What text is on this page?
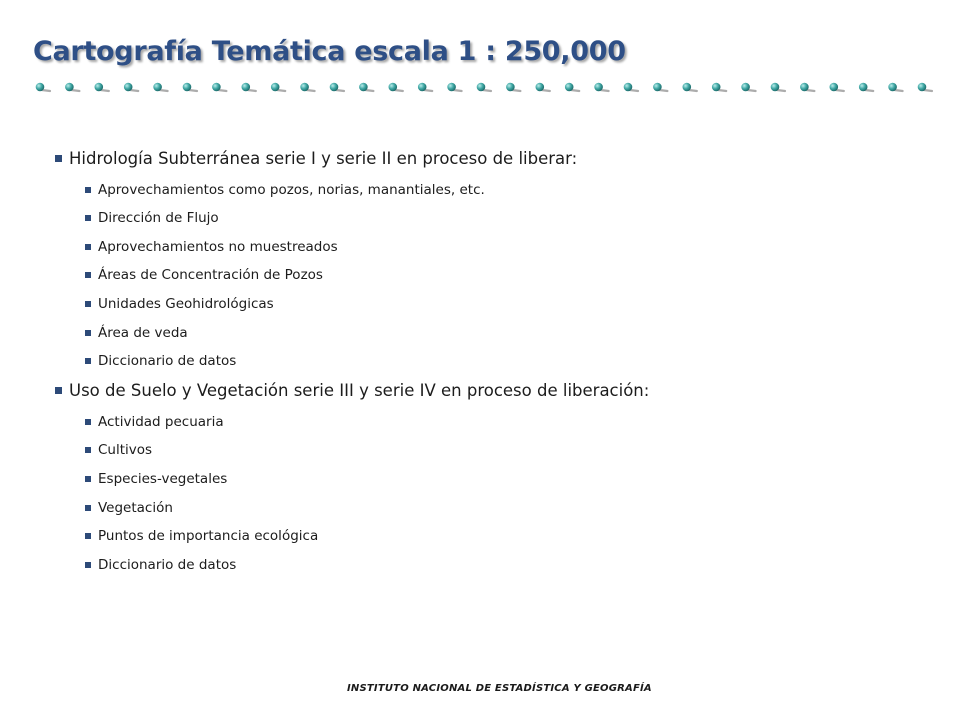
Cartografía Temática escala 1 : 250,000
Hidrología Subterránea serie I y serie II en proceso de liberar:
Aprovechamientos como pozos, norias, manantiales, etc.
Dirección de Flujo
Aprovechamientos no muestreados
Áreas de Concentración de Pozos
Unidades Geohidrológicas
Área de veda
Diccionario de datos
Uso de Suelo y Vegetación serie III y serie IV en proceso de liberación:
Actividad pecuaria
Cultivos
Especies-vegetales
Vegetación
Puntos de importancia ecológica
Diccionario de datos
INSTITUTO NACIONAL DE ESTADÍSTICA Y GEOGRAFÍA
